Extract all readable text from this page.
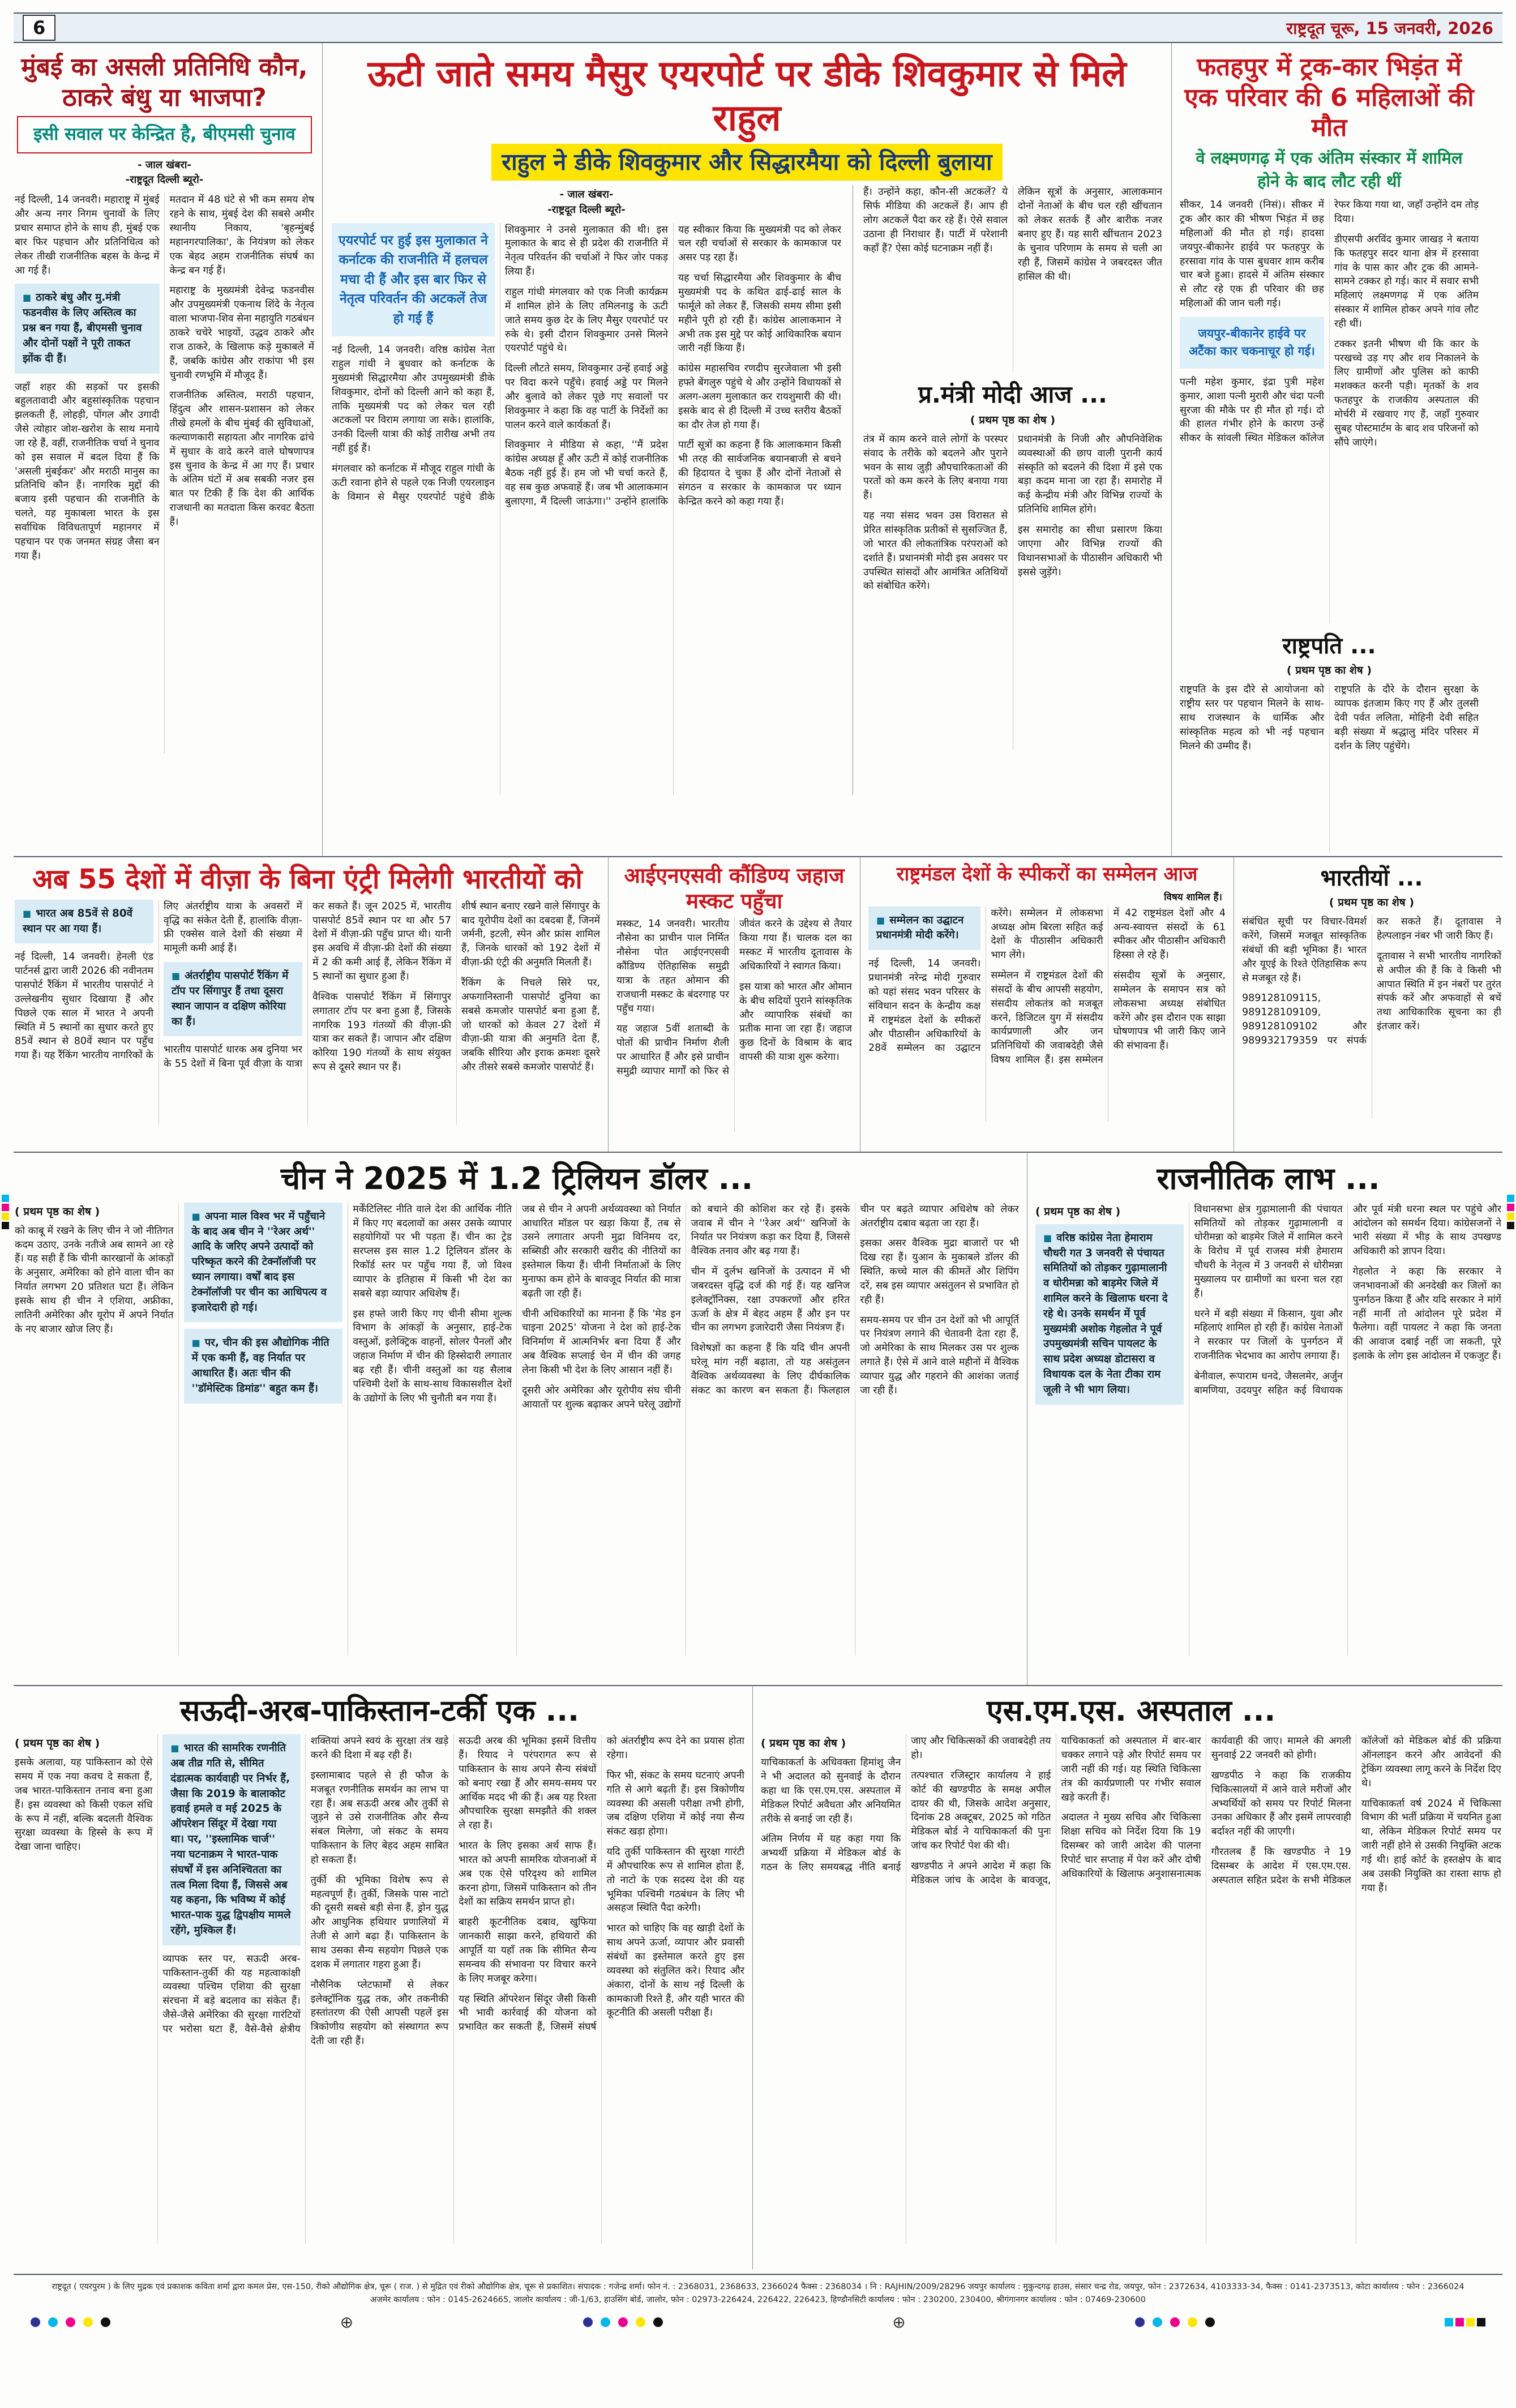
6	राष्ट्रदूत चूरू, 15 जनवरी, 2026
मुंबई का असली प्रतिनिधि कौन, ठाकरे बंधु या भाजपा?
इसी सवाल पर केन्द्रित है, बीएमसी चुनाव
- जाल खंबरा-
-राष्ट्रदूत दिल्ली ब्यूरो-

नई दिल्ली, 14 जनवरी। महाराष्ट्र में मुंबई और अन्य नगर निगम चुनावों के लिए प्रचार समाप्त होने के साथ ही, मुंबई एक बार फिर पहचान और प्रतिनिधित्व को लेकर तीखी राजनीतिक बहस के केन्द्र में आ गई हैं।

■ ठाकरे बंधु और मु.मंत्री फडनवीस के लिए अस्तित्व का प्रश्न बन गया हैं, बीएमसी चुनाव और दोनों पक्षों ने पूरी ताकत झोंक दी हैं।

जहाँ शहर की सड़कों पर इसकी बहुलतावादी और बहुसांस्कृतिक पहचान झलकती हैं, लोहड़ी, पोंगल और उगादी जैसे त्योहार जोश-खरोश के साथ मनाये जा रहे हैं, वहीं, राजनीतिक चर्चा ने चुनाव को इस सवाल में बदल दिया हैं कि 'असली मुंबईकर' और मराठी मानुस का प्रतिनिधि कौन हैं। नागरिक मुद्दों की बजाय इसी पहचान की राजनीति के चलते, यह मुकाबला भारत के इस सर्वाधिक विविधतापूर्ण महानगर में पहचान पर एक जनमत संग्रह जैसा बन गया हैं।

मतदान में 48 घंटे से भी कम समय शेष रहने के साथ, मुंबई देश की सबसे अमीर स्थानीय निकाय, 'बृहन्मुंबई महानगरपालिका', के नियंत्रण को लेकर एक बेहद अहम राजनीतिक संघर्ष का केन्द्र बन गई हैं।

महाराष्ट्र के मुख्यमंत्री देवेन्द्र फडनवीस और उपमुख्यमंत्री एकनाथ शिंदे के नेतृत्व वाला भाजपा-शिव सेना महायुति गठबंधन ठाकरे चचेरे भाइयों, उद्धव ठाकरे और राज ठाकरे, के खिलाफ कड़े मुकाबले में हैं, जबकि कांग्रेस और राकांपा भी इस चुनावी रणभूमि में मौजूद हैं।

राजनीतिक अस्तित्व, मराठी पहचान, हिंदुत्व और शासन-प्रशासन को लेकर तीखे हमलों के बीच मुंबई की सुविधाओं, कल्याणकारी सहायता और नागरिक ढांचे में सुधार के वादे करने वाले घोषणापत्र इस चुनाव के केन्द्र में आ गए हैं। प्रचार के अंतिम घंटों में अब सबकी नजर इस बात पर टिकी हैं कि देश की आर्थिक राजधानी का मतदाता किस करवट बैठता हैं।

ऊटी जाते समय मैसुर एयरपोर्ट पर डीके शिवकुमार से मिले राहुल
राहुल ने डीके शिवकुमार और सिद्धारमैया को दिल्ली बुलाया
- जाल खंबरा-
-राष्ट्रदूत दिल्ली ब्यूरो-
एयरपोर्ट पर हुई इस मुलाकात ने कर्नाटक की राजनीति में हलचल मचा दी हैं और इस बार फिर से नेतृत्व परिवर्तन की अटकलें तेज हो गई हैं

नई दिल्ली, 14 जनवरी। वरिष्ठ कांग्रेस नेता राहुल गांधी ने बुधवार को कर्नाटक के मुख्यमंत्री सिद्धारमैया और उपमुख्यमंत्री डीके शिवकुमार, दोनों को दिल्ली आने को कहा हैं, ताकि मुख्यमंत्री पद को लेकर चल रही अटकलों पर विराम लगाया जा सके। हालांकि, उनकी दिल्ली यात्रा की कोई तारीख अभी तय नहीं हुई हैं।

मंगलवार को कर्नाटक में मौजूद राहुल गांधी के ऊटी रवाना होने से पहले एक निजी एयरलाइन के विमान से मैसुर एयरपोर्ट पहुंचे डीके शिवकुमार ने उनसे मुलाकात की थी। इस मुलाकात के बाद से ही प्रदेश की राजनीति में नेतृत्व परिवर्तन की चर्चाओं ने फिर जोर पकड़ लिया हैं।

राहुल गांधी मंगलवार को एक निजी कार्यक्रम में शामिल होने के लिए तमिलनाडु के ऊटी जाते समय कुछ देर के लिए मैसुर एयरपोर्ट पर रुके थे। इसी दौरान शिवकुमार उनसे मिलने एयरपोर्ट पहुंचे थे।

दिल्ली लौटते समय, शिवकुमार उन्हें हवाई अड्डे पर विदा करने पहुँचे। हवाई अड्डे पर मिलने और बुलावे को लेकर पूछे गए सवालों पर शिवकुमार ने कहा कि वह पार्टी के निर्देशों का पालन करने वाले कार्यकर्ता हैं।

शिवकुमार ने मीडिया से कहा, ''मैं प्रदेश कांग्रेस अध्यक्ष हूँ और ऊटी में कोई राजनीतिक बैठक नहीं हुई हैं। हम जो भी चर्चा करते हैं, वह सब कुछ अफवाहें हैं। जब भी आलाकमान बुलाएगा, मैं दिल्ली जाऊंगा।'' उन्होंने हालांकि यह स्वीकार किया कि मुख्यमंत्री पद को लेकर चल रही चर्चाओं से सरकार के कामकाज पर असर पड़ रहा हैं।

यह चर्चा सिद्धारमैया और शिवकुमार के बीच मुख्यमंत्री पद के कथित ढाई-ढाई साल के फार्मूले को लेकर हैं, जिसकी समय सीमा इसी महीने पूरी हो रही हैं। कांग्रेस आलाकमान ने अभी तक इस मुद्दे पर कोई आधिकारिक बयान जारी नहीं किया हैं।

कांग्रेस महासचिव रणदीप सुरजेवाला भी इसी हफ्ते बेंगलुरु पहुंचे थे और उन्होंने विधायकों से अलग-अलग मुलाकात कर रायशुमारी की थी। इसके बाद से ही दिल्ली में उच्च स्तरीय बैठकों का दौर तेज हो गया हैं।

पार्टी सूत्रों का कहना हैं कि आलाकमान किसी भी तरह की सार्वजनिक बयानबाजी से बचने की हिदायत दे चुका हैं और दोनों नेताओं से संगठन व सरकार के कामकाज पर ध्यान केन्द्रित करने को कहा गया हैं।

हैं। उन्होंने कहा, कौन-सी अटकलें? ये सिर्फ मीडिया की अटकलें हैं। आप ही लोग अटकलें पैदा कर रहे हैं। ऐसे सवाल उठाना ही निराधार हैं। पार्टी में परेशानी कहाँ हैं? ऐसा कोई घटनाक्रम नहीं हैं।

लेकिन सूत्रों के अनुसार, आलाकमान दोनों नेताओं के बीच चल रही खींचतान को लेकर सतर्क हैं और बारीक नजर बनाए हुए हैं। यह सारी खींचतान 2023 के चुनाव परिणाम के समय से चली आ रही हैं, जिसमें कांग्रेस ने जबरदस्त जीत हासिल की थी।

प्र.मंत्री मोदी आज ...
( प्रथम पृष्ठ का शेष )

तंत्र में काम करने वाले लोगों के परस्पर संवाद के तरीके को बदलने और पुराने भवन के साथ जुड़ी औपचारिकताओं की परतों को कम करने के लिए बनाया गया हैं।

यह नया संसद भवन उस विरासत से प्रेरित सांस्कृतिक प्रतीकों से सुसज्जित हैं, जो भारत की लोकतांत्रिक परंपराओं को दर्शाते हैं। प्रधानमंत्री मोदी इस अवसर पर उपस्थित सांसदों और आमंत्रित अतिथियों को संबोधित करेंगे।

प्रधानमंत्री के निजी और औपनिवेशिक व्यवस्थाओं की छाप वाली पुरानी कार्य संस्कृति को बदलने की दिशा में इसे एक बड़ा कदम माना जा रहा हैं। समारोह में कई केन्द्रीय मंत्री और विभिन्न राज्यों के प्रतिनिधि शामिल होंगे।

इस समारोह का सीधा प्रसारण किया जाएगा और विभिन्न राज्यों की विधानसभाओं के पीठासीन अधिकारी भी इससे जुड़ेंगे।

फतहपुर में ट्रक-कार भिड़ंत में एक परिवार की 6 महिलाओं की मौत
वे लक्ष्मणगढ़ में एक अंतिम संस्कार में शामिल होने के बाद लौट रही थीं

सीकर, 14 जनवरी (निसं)। सीकर में ट्रक और कार की भीषण भिड़ंत में छह महिलाओं की मौत हो गई। हादसा जयपुर-बीकानेर हाईवे पर फतहपुर के हरसावा गांव के पास बुधवार शाम करीब चार बजे हुआ। हादसे में अंतिम संस्कार से लौट रहे एक ही परिवार की छह महिलाओं की जान चली गई।

जयपुर-बीकानेर हाईवे पर अटैंका कार चकनाचूर हो गई।

पत्नी महेश कुमार, इंद्रा पुत्री महेश कुमार, आशा पत्नी मुरारी और चंदा पत्नी सुरजा की मौके पर ही मौत हो गई। दो की हालत गंभीर होने के कारण उन्हें सीकर के सांवली स्थित मेडिकल कॉलेज रेफर किया गया था, जहाँ उन्होंने दम तोड़ दिया।

डीएसपी अरविंद कुमार जाखड़ ने बताया कि फतहपुर सदर थाना क्षेत्र में हरसावा गांव के पास कार और ट्रक की आमने-सामने टक्कर हो गई। कार में सवार सभी महिलाएं लक्ष्मणगढ़ में एक अंतिम संस्कार में शामिल होकर अपने गांव लौट रही थीं।

टक्कर इतनी भीषण थी कि कार के परखच्चे उड़ गए और शव निकालने के लिए ग्रामीणों और पुलिस को काफी मशक्कत करनी पड़ी। मृतकों के शव फतहपुर के राजकीय अस्पताल की मोर्चरी में रखवाए गए हैं, जहाँ गुरुवार सुबह पोस्टमार्टम के बाद शव परिजनों को सौंपे जाएंगे।

राष्ट्रपति ...
( प्रथम पृष्ठ का शेष )

राष्ट्रपति के इस दौरे से आयोजना को राष्ट्रीय स्तर पर पहचान मिलने के साथ-साथ राजस्थान के धार्मिक और सांस्कृतिक महत्व को भी नई पहचान मिलने की उम्मीद हैं।

राष्ट्रपति के दौरे के दौरान सुरक्षा के व्यापक इंतजाम किए गए हैं और तुलसी देवी पर्वत ललिता, मोहिनी देवी सहित बड़ी संख्या में श्रद्धालु मंदिर परिसर में दर्शन के लिए पहुंचेंगे।

अब 55 देशों में वीज़ा के बिना एंट्री मिलेगी भारतीयों को
■ भारत अब 85वें से 80वें स्थान पर आ गया हैं।

नई दिल्ली, 14 जनवरी। हेनली एंड पार्टनर्स द्वारा जारी 2026 की नवीनतम पासपोर्ट रैंकिंग में भारतीय पासपोर्ट ने उल्लेखनीय सुधार दिखाया हैं और पिछले एक साल में भारत ने अपनी स्थिति में 5 स्थानों का सुधार करते हुए 85वें स्थान से 80वें स्थान पर पहुँच गया हैं। यह रैंकिंग भारतीय नागरिकों के लिए अंतर्राष्ट्रीय यात्रा के अवसरों में वृद्धि का संकेत देती हैं, हालांकि वीज़ा-फ्री एक्सेस वाले देशों की संख्या में मामूली कमी आई हैं।

■ अंतर्राष्ट्रीय पासपोर्ट रैंकिंग में टॉप पर सिंगापुर हैं तथा दूसरा स्थान जापान व दक्षिण कोरिया का हैं।

भारतीय पासपोर्ट धारक अब दुनिया भर के 55 देशों में बिना पूर्व वीज़ा के यात्रा कर सकते हैं। जून 2025 में, भारतीय पासपोर्ट 85वें स्थान पर था और 57 देशों में वीज़ा-फ्री पहुँच प्राप्त थी। यानी इस अवधि में वीज़ा-फ्री देशों की संख्या में 2 की कमी आई हैं, लेकिन रैंकिंग में 5 स्थानों का सुधार हुआ हैं।

वैश्विक पासपोर्ट रैंकिंग में सिंगापुर लगातार टॉप पर बना हुआ हैं, जिसके नागरिक 193 गंतव्यों की वीज़ा-फ्री यात्रा कर सकते हैं। जापान और दक्षिण कोरिया 190 गंतव्यों के साथ संयुक्त रूप से दूसरे स्थान पर हैं।

शीर्ष स्थान बनाए रखने वाले सिंगापुर के बाद यूरोपीय देशों का दबदबा हैं, जिनमें जर्मनी, इटली, स्पेन और फ्रांस शामिल हैं, जिनके धारकों को 192 देशों में वीज़ा-फ्री एंट्री की अनुमति मिलती हैं।

रैंकिंग के निचले सिरे पर, अफगानिस्तानी पासपोर्ट दुनिया का सबसे कमजोर पासपोर्ट बना हुआ हैं, जो धारकों को केवल 27 देशों में वीज़ा-फ्री यात्रा की अनुमति देता हैं, जबकि सीरिया और इराक क्रमशः दूसरे और तीसरे सबसे कमजोर पासपोर्ट हैं।

आईएनएसवी कौंडिण्य जहाज मस्कट पहुँचा

मस्कट, 14 जनवरी। भारतीय नौसेना का प्राचीन पाल निर्मित नौसेना पोत आईएनएसवी कौंडिण्य ऐतिहासिक समुद्री यात्रा के तहत ओमान की राजधानी मस्कट के बंदरगाह पर पहुँच गया।

यह जहाज 5वीं शताब्दी के पोतों की प्राचीन निर्माण शैली पर आधारित हैं और इसे प्राचीन समुद्री व्यापार मार्गों को फिर से जीवंत करने के उद्देश्य से तैयार किया गया हैं। चालक दल का मस्कट में भारतीय दूतावास के अधिकारियों ने स्वागत किया।

इस यात्रा को भारत और ओमान के बीच सदियों पुराने सांस्कृतिक और व्यापारिक संबंधों का प्रतीक माना जा रहा हैं। जहाज कुछ दिनों के विश्राम के बाद वापसी की यात्रा शुरू करेगा।

राष्ट्रमंडल देशों के स्पीकरों का सम्मेलन आज
विषय शामिल हैं।
■ सम्मेलन का उद्घाटन प्रधानमंत्री मोदी करेंगे।

नई दिल्ली, 14 जनवरी। प्रधानमंत्री नरेन्द्र मोदी गुरुवार को यहां संसद भवन परिसर के संविधान सदन के केन्द्रीय कक्ष में राष्ट्रमंडल देशों के स्पीकरों और पीठासीन अधिकारियों के 28वें सम्मेलन का उद्घाटन करेंगे। सम्मेलन में लोकसभा अध्यक्ष ओम बिरला सहित कई देशों के पीठासीन अधिकारी भाग लेंगे।

सम्मेलन में राष्ट्रमंडल देशों की संसदों के बीच आपसी सहयोग, संसदीय लोकतंत्र को मजबूत करने, डिजिटल युग में संसदीय कार्यप्रणाली और जन प्रतिनिधियों की जवाबदेही जैसे विषय शामिल हैं। इस सम्मेलन में 42 राष्ट्रमंडल देशों और 4 अन्य-स्वायत्त संसदों के 61 स्पीकर और पीठासीन अधिकारी हिस्सा ले रहे हैं।

संसदीय सूत्रों के अनुसार, सम्मेलन के समापन सत्र को लोकसभा अध्यक्ष संबोधित करेंगे और इस दौरान एक साझा घोषणापत्र भी जारी किए जाने की संभावना हैं।

भारतीयों ...
( प्रथम पृष्ठ का शेष )

संबंधित सूची पर विचार-विमर्श करेंगे, जिसमें मजबूत सांस्कृतिक संबंधों की बड़ी भूमिका हैं। भारत और यूएई के रिश्ते ऐतिहासिक रूप से मजबूत रहे हैं।

989128109115, 989128109109, 989128109102 और 989932179359 पर संपर्क कर सकते हैं। दूतावास ने हेल्पलाइन नंबर भी जारी किए हैं।

दूतावास ने सभी भारतीय नागरिकों से अपील की हैं कि वे किसी भी आपात स्थिति में इन नंबरों पर तुरंत संपर्क करें और अफवाहों से बचें तथा आधिकारिक सूचना का ही इंतजार करें।

चीन ने 2025 में 1.2 ट्रिलियन डॉलर ...
( प्रथम पृष्ठ का शेष )

को काबू में रखने के लिए चीन ने जो नीतिगत कदम उठाए, उनके नतीजे अब सामने आ रहे हैं। यह सही हैं कि चीनी कारखानों के आंकड़ों के अनुसार, अमेरिका को होने वाला चीन का निर्यात लगभग 20 प्रतिशत घटा हैं। लेकिन इसके साथ ही चीन ने एशिया, अफ्रीका, लातिनी अमेरिका और यूरोप में अपने निर्यात के नए बाजार खोज लिए हैं।

■ अपना माल विश्व भर में पहुँचाने के बाद अब चीन ने ''रेअर अर्थ'' आदि के जरिए अपने उत्पादों को परिष्कृत करने की टेक्नॉलॉजी पर ध्यान लगाया। वर्षों बाद इस टेक्नॉलॉजी पर चीन का आधिपत्य व इजारेदारी हो गई।
■ पर, चीन की इस औद्योगिक नीति में एक कमी हैं, वह निर्यात पर आधारित हैं। अतः चीन की ''डॉमेस्टिक डिमांड'' बहुत कम हैं।

मर्केंटिलिस्ट नीति वाले देश की आर्थिक नीति में किए गए बदलावों का असर उसके व्यापार सहयोगियों पर भी पड़ता हैं। चीन का ट्रेड सरप्लस इस साल 1.2 ट्रिलियन डॉलर के रिकॉर्ड स्तर पर पहुँच गया हैं, जो विश्व व्यापार के इतिहास में किसी भी देश का सबसे बड़ा व्यापार अधिशेष हैं।

इस हफ्ते जारी किए गए चीनी सीमा शुल्क विभाग के आंकड़ों के अनुसार, हाई-टेक वस्तुओं, इलेक्ट्रिक वाहनों, सोलर पैनलों और जहाज निर्माण में चीन की हिस्सेदारी लगातार बढ़ रही हैं। चीनी वस्तुओं का यह सैलाब पश्चिमी देशों के साथ-साथ विकासशील देशों के उद्योगों के लिए भी चुनौती बन गया हैं।

जब से चीन ने अपनी अर्थव्यवस्था को निर्यात आधारित मॉडल पर खड़ा किया हैं, तब से उसने लगातार अपनी मुद्रा विनिमय दर, सब्सिडी और सरकारी खरीद की नीतियों का इस्तेमाल किया हैं। चीनी निर्माताओं के लिए मुनाफा कम होने के बावजूद निर्यात की मात्रा बढ़ती जा रही हैं।

चीनी अधिकारियों का मानना हैं कि 'मेड इन चाइना 2025' योजना ने देश को हाई-टेक विनिर्माण में आत्मनिर्भर बना दिया हैं और अब वैश्विक सप्लाई चेन में चीन की जगह लेना किसी भी देश के लिए आसान नहीं हैं।

दूसरी ओर अमेरिका और यूरोपीय संघ चीनी आयातों पर शुल्क बढ़ाकर अपने घरेलू उद्योगों को बचाने की कोशिश कर रहे हैं। इसके जवाब में चीन ने ''रेअर अर्थ'' खनिजों के निर्यात पर नियंत्रण कड़ा कर दिया हैं, जिससे वैश्विक तनाव और बढ़ गया हैं।

चीन में दुर्लभ खनिजों के उत्पादन में भी जबरदस्त वृद्धि दर्ज की गई हैं। यह खनिज इलेक्ट्रॉनिक्स, रक्षा उपकरणों और हरित ऊर्जा के क्षेत्र में बेहद अहम हैं और इन पर चीन का लगभग इजारेदारी जैसा नियंत्रण हैं।

विशेषज्ञों का कहना हैं कि यदि चीन अपनी घरेलू मांग नहीं बढ़ाता, तो यह असंतुलन वैश्विक अर्थव्यवस्था के लिए दीर्घकालिक संकट का कारण बन सकता हैं। फिलहाल चीन पर बढ़ते व्यापार अधिशेष को लेकर अंतर्राष्ट्रीय दबाव बढ़ता जा रहा हैं।

इसका असर वैश्विक मुद्रा बाजारों पर भी दिख रहा हैं। युआन के मुकाबले डॉलर की स्थिति, कच्चे माल की कीमतें और शिपिंग दरें, सब इस व्यापार असंतुलन से प्रभावित हो रही हैं।

समय-समय पर चीन उन देशों को भी आपूर्ति पर नियंत्रण लगाने की चेतावनी देता रहा हैं, जो अमेरिका के साथ मिलकर उस पर शुल्क लगाते हैं। ऐसे में आने वाले महीनों में वैश्विक व्यापार युद्ध और गहराने की आशंका जताई जा रही हैं।

राजनीतिक लाभ ...
( प्रथम पृष्ठ का शेष )
■ वरिष्ठ कांग्रेस नेता हेमाराम चौधरी गत 3 जनवरी से पंचायत समितियों को तोड़कर गुढ़ामालानी व धोरीमन्ना को बाड़मेर जिले में शामिल करने के खिलाफ धरना दे रहे थे। उनके समर्थन में पूर्व मुख्यमंत्री अशोक गेहलोत ने पूर्व उपमुख्यमंत्री सचिन पायलट के साथ प्रदेश अध्यक्ष डोटासरा व विधायक दल के नेता टीका राम जूली ने भी भाग लिया।

विधानसभा क्षेत्र गुढ़ामालानी की पंचायत समितियों को तोड़कर गुढ़ामालानी व धोरीमन्ना को बाड़मेर जिले में शामिल करने के विरोध में पूर्व राजस्व मंत्री हेमाराम चौधरी के नेतृत्व में 3 जनवरी से धोरीमन्ना मुख्यालय पर ग्रामीणों का धरना चल रहा हैं।

धरने में बड़ी संख्या में किसान, युवा और महिलाएं शामिल हो रही हैं। कांग्रेस नेताओं ने सरकार पर जिलों के पुनर्गठन में राजनीतिक भेदभाव का आरोप लगाया हैं।

बेनीवाल, रूपाराम धनदे, जैसलमेर, अर्जुन बामणिया, उदयपुर सहित कई विधायक और पूर्व मंत्री धरना स्थल पर पहुंचे और आंदोलन को समर्थन दिया। कांग्रेसजनों ने भारी संख्या में भीड़ के साथ उपखण्ड अधिकारी को ज्ञापन दिया।

गेहलोत ने कहा कि सरकार ने जनभावनाओं की अनदेखी कर जिलों का पुनर्गठन किया हैं और यदि सरकार ने मांगें नहीं मानीं तो आंदोलन पूरे प्रदेश में फैलेगा। वहीं पायलट ने कहा कि जनता की आवाज दबाई नहीं जा सकती, पूरे इलाके के लोग इस आंदोलन में एकजुट हैं।

सऊदी-अरब-पाकिस्तान-टर्की एक ...
( प्रथम पृष्ठ का शेष )

इसके अलावा, यह पाकिस्तान को ऐसे समय में एक नया कवच दे सकता हैं, जब भारत-पाकिस्तान तनाव बना हुआ हैं। इस व्यवस्था को किसी एकल संधि के रूप में नहीं, बल्कि बदलती वैश्विक सुरक्षा व्यवस्था के हिस्से के रूप में देखा जाना चाहिए।

■ भारत की सामरिक रणनीति अब तीव्र गति से, सीमित दंडात्मक कार्यवाही पर निर्भर हैं, जैसा कि 2019 के बालाकोट हवाई हमले व मई 2025 के ऑपरेशन सिंदूर में देखा गया था। पर, ''इस्लामिक चार्ज'' नया घटनाक्रम ने भारत-पाक संघर्षों में इस अनिश्चितता का तत्व मिला दिया हैं, जिससे अब यह कहना, कि भविष्य में कोई भारत-पाक युद्ध द्विपक्षीय मामले रहेंगे, मुश्किल हैं।

व्यापक स्तर पर, सऊदी अरब-पाकिस्तान-तुर्की की यह महत्वाकांक्षी व्यवस्था पश्चिम एशिया की सुरक्षा संरचना में बड़े बदलाव का संकेत हैं। जैसे-जैसे अमेरिका की सुरक्षा गारंटियों पर भरोसा घटा हैं, वैसे-वैसे क्षेत्रीय शक्तियां अपने स्वयं के सुरक्षा तंत्र खड़े करने की दिशा में बढ़ रही हैं।

इस्लामाबाद पहले से ही फौज के मजबूत रणनीतिक समर्थन का लाभ पा रहा हैं। अब सऊदी अरब और तुर्की से जुड़ने से उसे राजनीतिक और सैन्य संबल मिलेगा, जो संकट के समय पाकिस्तान के लिए बेहद अहम साबित हो सकता हैं।

तुर्की की भूमिका विशेष रूप से महत्वपूर्ण हैं। तुर्की, जिसके पास नाटो की दूसरी सबसे बड़ी सेना हैं, ड्रोन युद्ध और आधुनिक हथियार प्रणालियों में तेजी से आगे बढ़ा हैं। पाकिस्तान के साथ उसका सैन्य सहयोग पिछले एक दशक में लगातार गहरा हुआ हैं।

नौसैनिक प्लेटफार्मों से लेकर इलेक्ट्रॉनिक युद्ध तक, और तकनीकी हस्तांतरण की ऐसी आपसी पहलें इस त्रिकोणीय सहयोग को संस्थागत रूप देती जा रही हैं।

सऊदी अरब की भूमिका इसमें वित्तीय हैं। रियाद ने परंपरागत रूप से पाकिस्तान के साथ अपने सैन्य संबंधों को बनाए रखा हैं और समय-समय पर आर्थिक मदद भी की हैं। अब यह रिश्ता औपचारिक सुरक्षा समझौते की शक्ल ले रहा हैं।

भारत के लिए इसका अर्थ साफ हैं। भारत को अपनी सामरिक योजनाओं में अब एक ऐसे परिदृश्य को शामिल करना होगा, जिसमें पाकिस्तान को तीन देशों का सक्रिय समर्थन प्राप्त हो।

बाहरी कूटनीतिक दबाव, खुफिया जानकारी साझा करने, हथियारों की आपूर्ति या यहाँ तक कि सीमित सैन्य समन्वय की संभावना पर विचार करने के लिए मजबूर करेगा।

यह स्थिति ऑपरेशन सिंदूर जैसी किसी भी भावी कार्रवाई की योजना को प्रभावित कर सकती हैं, जिसमें संघर्ष को अंतर्राष्ट्रीय रूप देने का प्रयास होता रहेगा।

फिर भी, संकट के समय घटनाएं अपनी गति से आगे बढ़ती हैं। इस त्रिकोणीय व्यवस्था की असली परीक्षा तभी होगी, जब दक्षिण एशिया में कोई नया सैन्य संकट खड़ा होगा।

यदि तुर्की पाकिस्तान की सुरक्षा गारंटी में औपचारिक रूप से शामिल होता हैं, तो नाटो के एक सदस्य देश की यह भूमिका पश्चिमी गठबंधन के लिए भी असहज स्थिति पैदा करेगी।

भारत को चाहिए कि वह खाड़ी देशों के साथ अपने ऊर्जा, व्यापार और प्रवासी संबंधों का इस्तेमाल करते हुए इस व्यवस्था को संतुलित करे। रियाद और अंकारा, दोनों के साथ नई दिल्ली के कामकाजी रिश्ते हैं, और यही भारत की कूटनीति की असली परीक्षा हैं।

एस.एम.एस. अस्पताल ...
( प्रथम पृष्ठ का शेष )

याचिकाकर्ता के अधिवक्ता हिमांशु जैन ने भी अदालत को सुनवाई के दौरान कहा था कि एस.एम.एस. अस्पताल में मेडिकल रिपोर्ट अवैधता और अनियमित तरीके से बनाई जा रही हैं।

अंतिम निर्णय में यह कहा गया कि अभ्यर्थी प्रक्रिया में मेडिकल बोर्ड के गठन के लिए समयबद्ध नीति बनाई जाए और चिकित्सकों की जवाबदेही तय हो।

तत्पश्चात रजिस्ट्रार कार्यालय ने हाई कोर्ट की खण्डपीठ के समक्ष अपील दायर की थी, जिसके आदेश अनुसार, दिनांक 28 अक्टूबर, 2025 को गठित मेडिकल बोर्ड ने याचिकाकर्ता की पुनः जांच कर रिपोर्ट पेश की थी।

खण्डपीठ ने अपने आदेश में कहा कि मेडिकल जांच के आदेश के बावजूद, याचिकाकर्ता को अस्पताल में बार-बार चक्कर लगाने पड़े और रिपोर्ट समय पर जारी नहीं की गई। यह स्थिति चिकित्सा तंत्र की कार्यप्रणाली पर गंभीर सवाल खड़े करती हैं।

अदालत ने मुख्य सचिव और चिकित्सा शिक्षा सचिव को निर्देश दिया कि 19 दिसम्बर को जारी आदेश की पालना रिपोर्ट चार सप्ताह में पेश करें और दोषी अधिकारियों के खिलाफ अनुशासनात्मक कार्यवाही की जाए। मामले की अगली सुनवाई 22 जनवरी को होगी।

खण्डपीठ ने कहा कि राजकीय चिकित्सालयों में आने वाले मरीजों और अभ्यर्थियों को समय पर रिपोर्ट मिलना उनका अधिकार हैं और इसमें लापरवाही बर्दाश्त नहीं की जाएगी।

गौरतलब हैं कि खण्डपीठ ने 19 दिसम्बर के आदेश में एस.एम.एस. अस्पताल सहित प्रदेश के सभी मेडिकल कॉलेजों को मेडिकल बोर्ड की प्रक्रिया ऑनलाइन करने और आवेदनों की ट्रेकिंग व्यवस्था लागू करने के निर्देश दिए थे।

याचिकाकर्ता वर्ष 2024 में चिकित्सा विभाग की भर्ती प्रक्रिया में चयनित हुआ था, लेकिन मेडिकल रिपोर्ट समय पर जारी नहीं होने से उसकी नियुक्ति अटक गई थी। हाई कोर्ट के हस्तक्षेप के बाद अब उसकी नियुक्ति का रास्ता साफ हो गया हैं।

राष्ट्रदूत ( एयरपुरम ) के लिए मुद्रक एवं प्रकाशक कविता शर्मा द्वारा कमल प्रेस, एस-150, रीको औद्योगिक क्षेत्र, चूरू ( राज. ) से मुद्रित एवं रीको औद्योगिक क्षेत्र, चूरू से प्रकाशित। संपादक : गजेन्द्र शर्मा। फोन नं. : 2368031, 2368633, 2366024 फैक्स : 2368034 । नि : RAJHIN/2009/28296 जयपुर कार्यालय : मुकुन्दगढ़ हाउस, संसार चन्द्र रोड, जयपुर, फोन : 2372634, 4103333-34, फैक्स : 0141-2373513, कोटा कार्यालय : फोन : 2366024
अजमेर कार्यालय : फोन : 0145-2624665, जालोर कार्यालय : जी-1/63, हाउसिंग बोर्ड, जालोर, फोन : 02973-226424, 226422, 226423, हिण्डौनसिटी कार्यालय : फोन : 230200, 230400, श्रीगंगानगर कार्यालय : फोन : 07469-230600
⊕	⊕
